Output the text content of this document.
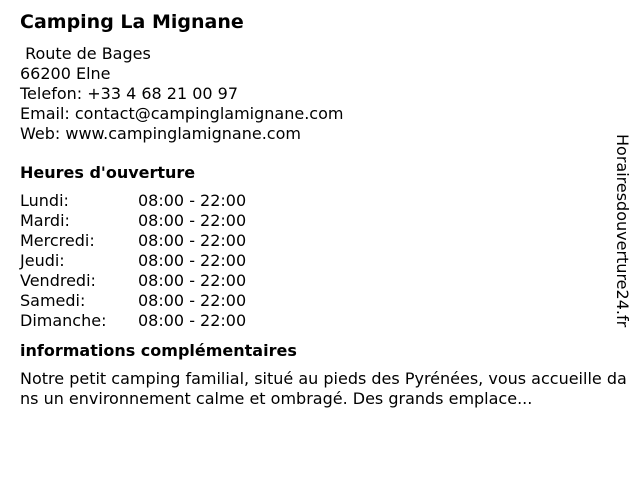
Camping La Mignane
Route de Bages
66200 Elne
Telefon: +33 4 68 21 00 97
Email: contact@campinglamignane.com
Web: www.campinglamignane.com
Heures d'ouverture
Lundi:	08:00 - 22:00
Mardi:	08:00 - 22:00
Mercredi:	08:00 - 22:00
Jeudi:	08:00 - 22:00
Vendredi:	08:00 - 22:00
Samedi:	08:00 - 22:00
Dimanche:	08:00 - 22:00
informations complémentaires
Notre petit camping familial, situé au pieds des Pyrénées, vous accueille dans un environnement calme et ombragé. Des grands emplace...
Horairesdouverture24.fr
